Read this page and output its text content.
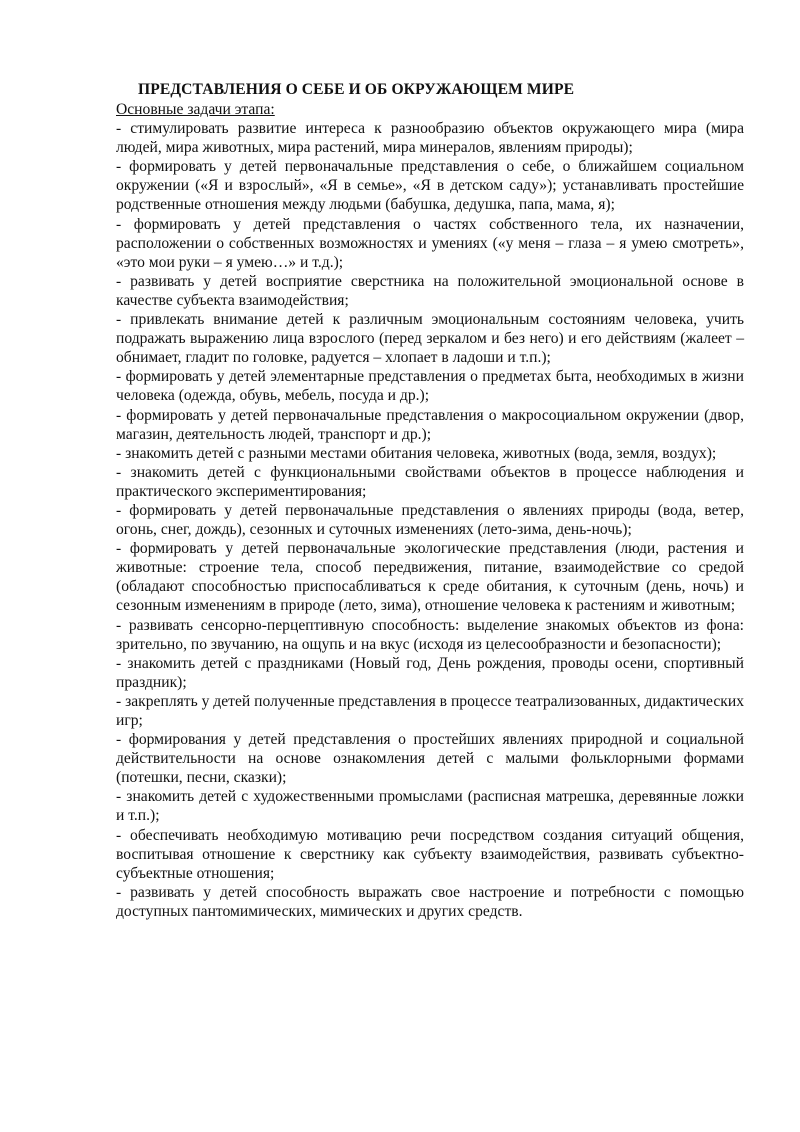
ПРЕДСТАВЛЕНИЯ О СЕБЕ И ОБ ОКРУЖАЮЩЕМ МИРЕ

Основные задачи этапа:

- стимулировать развитие интереса к разнообразию объектов окружающего мира (мира людей, мира животных, мира растений, мира минералов, явлениям природы);

- формировать у детей первоначальные представления о себе, о ближайшем социальном окружении («Я и взрослый», «Я в семье», «Я в детском саду»); устанавливать простейшие родственные отношения между людьми (бабушка, дедушка, папа, мама, я);

- формировать у детей представления о частях собственного тела, их назначении, расположении о собственных возможностях и умениях («у меня – глаза – я умею смотреть», «это мои руки – я умею…» и т.д.);

- развивать у детей восприятие сверстника на положительной эмоциональной основе в качестве субъекта взаимодействия;

- привлекать внимание детей к различным эмоциональным состояниям человека, учить подражать выражению лица взрослого (перед зеркалом и без него) и его действиям (жалеет – обнимает, гладит по головке, радуется – хлопает в ладоши и т.п.);

- формировать у детей элементарные представления о предметах быта, необходимых в жизни человека (одежда, обувь, мебель, посуда и др.);

- формировать у детей первоначальные представления о макросоциальном окружении (двор, магазин, деятельность людей, транспорт и др.);

- знакомить детей с разными местами обитания человека, животных (вода, земля, воздух);

- знакомить детей с функциональными свойствами объектов в процессе наблюдения и практического экспериментирования;

- формировать у детей первоначальные представления о явлениях природы (вода, ветер, огонь, снег, дождь), сезонных и суточных изменениях (лето-зима, день-ночь);

- формировать у детей первоначальные экологические представления (люди, растения и животные: строение тела, способ передвижения, питание, взаимодействие со средой (обладают способностью приспосабливаться к среде обитания, к суточным (день, ночь) и сезонным изменениям в природе (лето, зима), отношение человека к растениям и животным;

- развивать сенсорно-перцептивную способность: выделение знакомых объектов из фона: зрительно, по звучанию, на ощупь и на вкус (исходя из целесообразности и безопасности);

- знакомить детей с праздниками (Новый год, День рождения, проводы осени, спортивный праздник);

- закреплять у детей полученные представления в процессе театрализованных, дидактических игр;

- формирования у детей представления о простейших явлениях природной и социальной действительности на основе ознакомления детей с малыми фольклорными формами (потешки, песни, сказки);

- знакомить детей с художественными промыслами (расписная матрешка, деревянные ложки и т.п.);

- обеспечивать необходимую мотивацию речи посредством создания ситуаций общения, воспитывая отношение к сверстнику как субъекту взаимодействия, развивать субъектно-субъектные отношения;

- развивать у детей способность выражать свое настроение и потребности с помощью доступных пантомимических, мимических и других средств.
